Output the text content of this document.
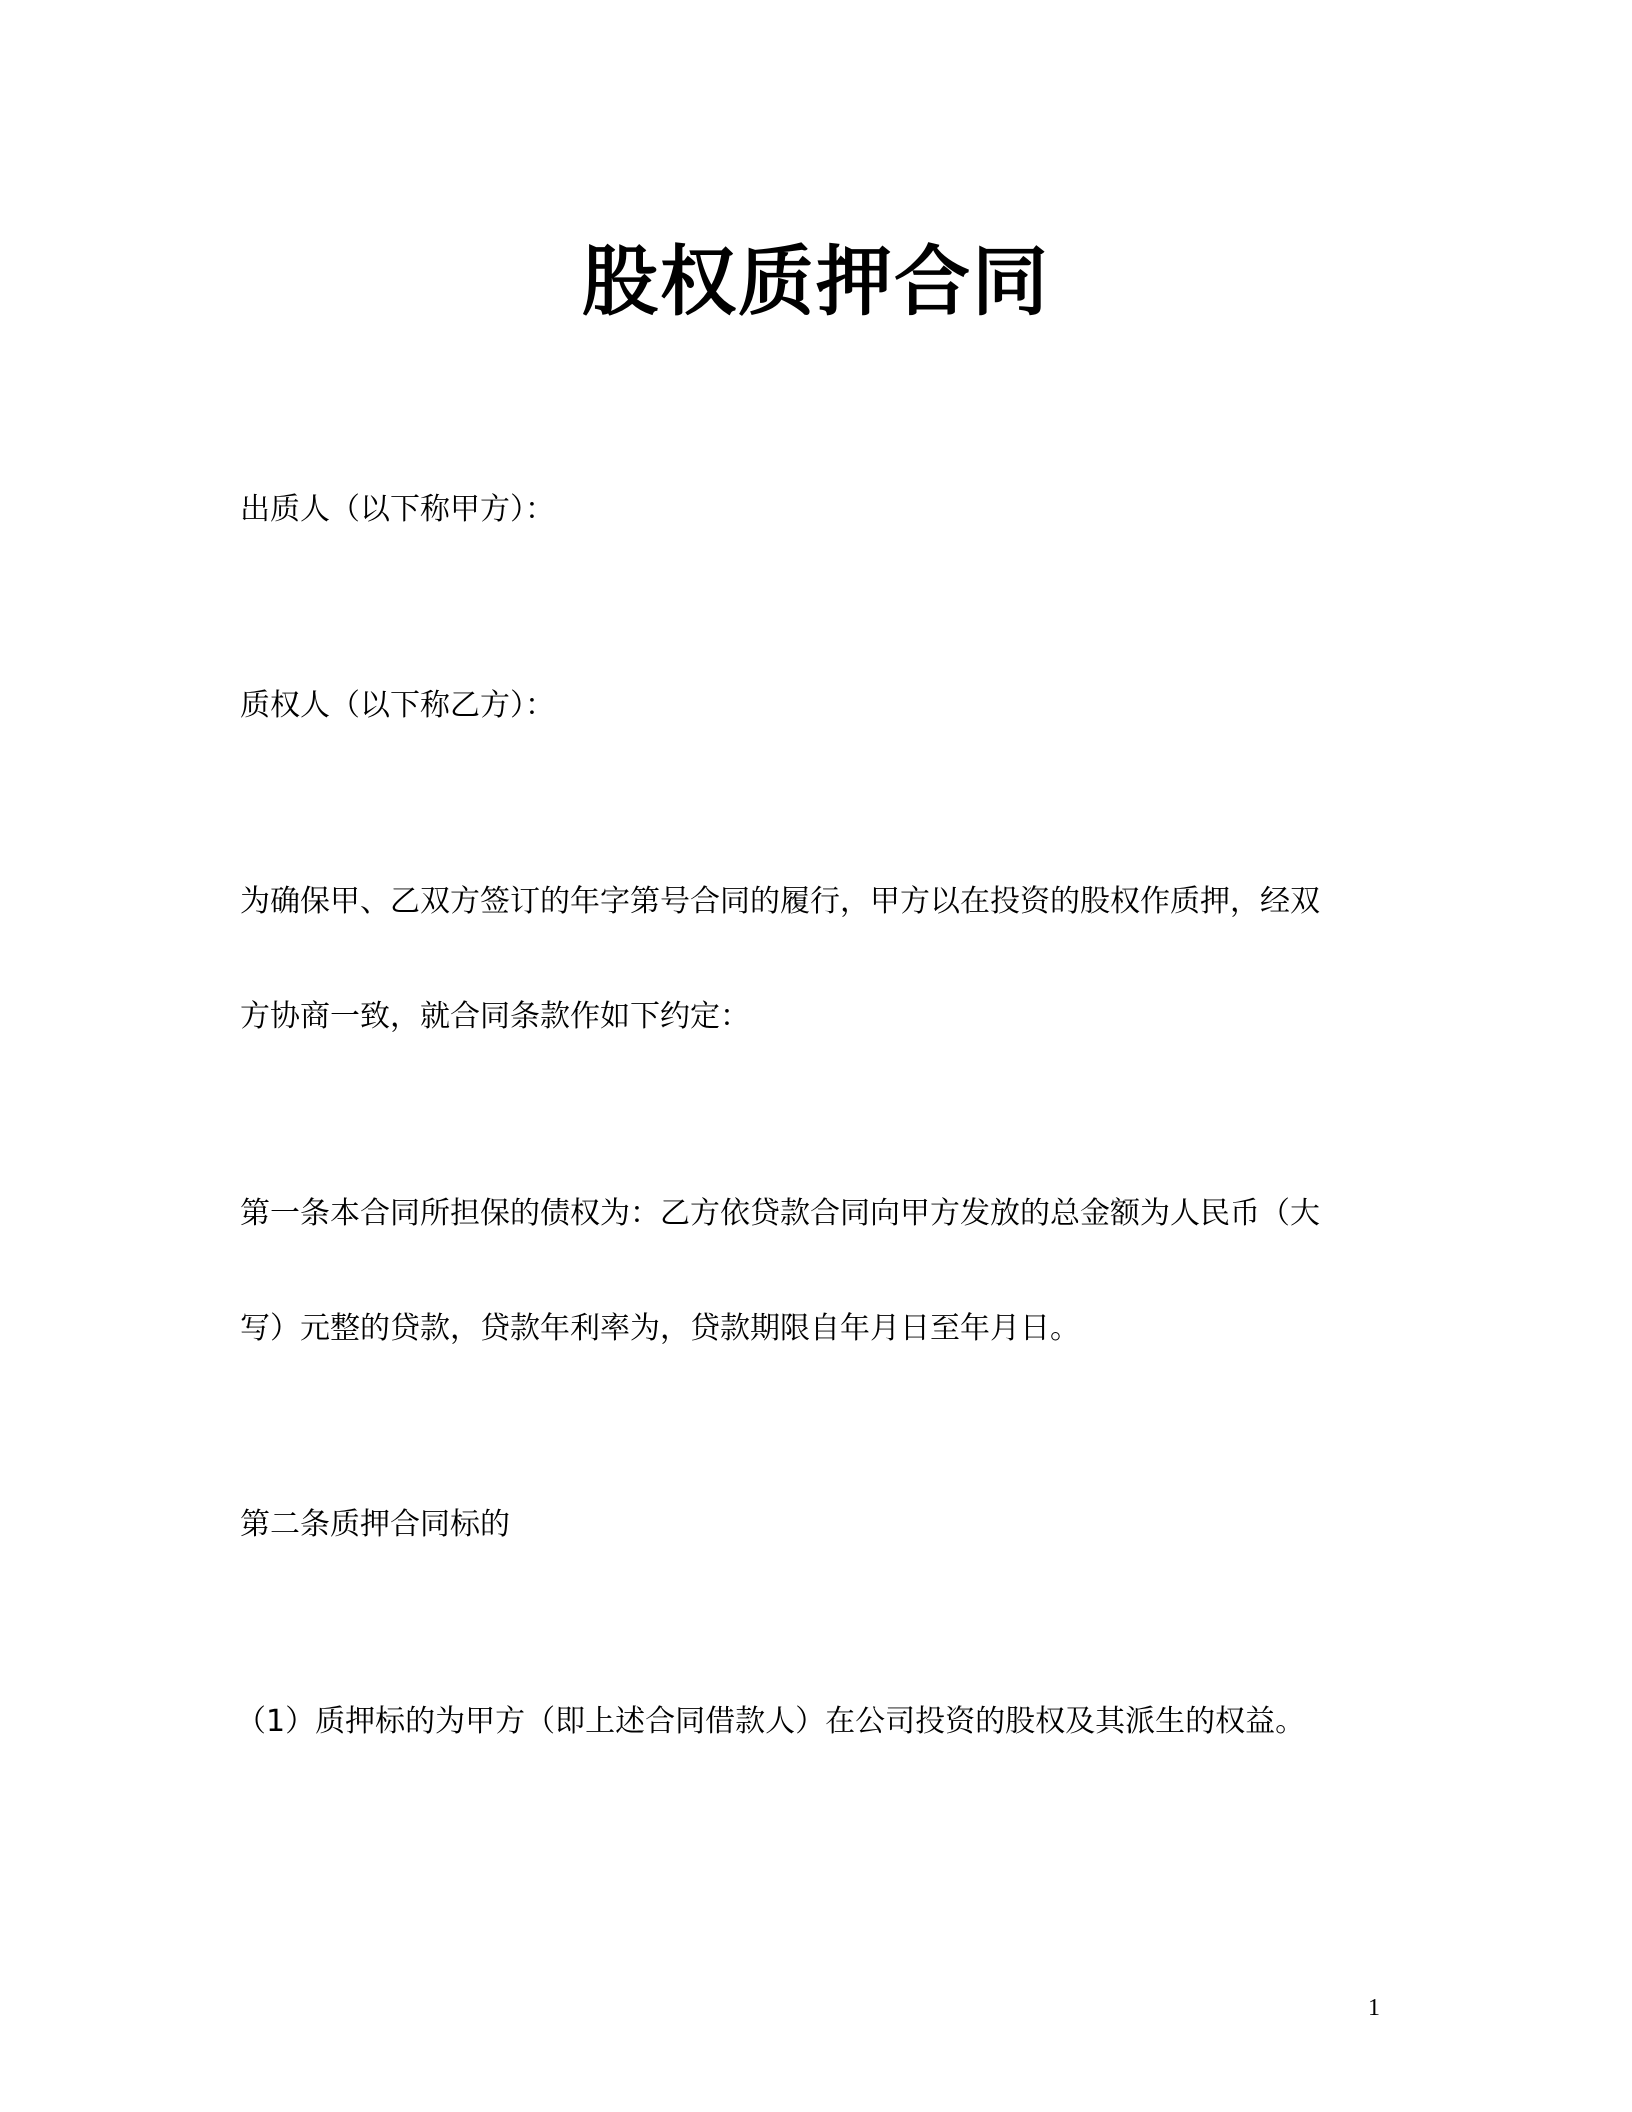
股权质押合同
出质人（以下称甲方）：
质权人（以下称乙方）：
为确保甲、乙双方签订的年字第号合同的履行，甲方以在投资的股权作质押，经双
方协商一致，就合同条款作如下约定：
第一条本合同所担保的债权为：乙方依贷款合同向甲方发放的总金额为人民币（大
写）元整的贷款，贷款年利率为，贷款期限自年月日至年月日。
第二条质押合同标的
（1）质押标的为甲方（即上述合同借款人）在公司投资的股权及其派生的权益。
1
